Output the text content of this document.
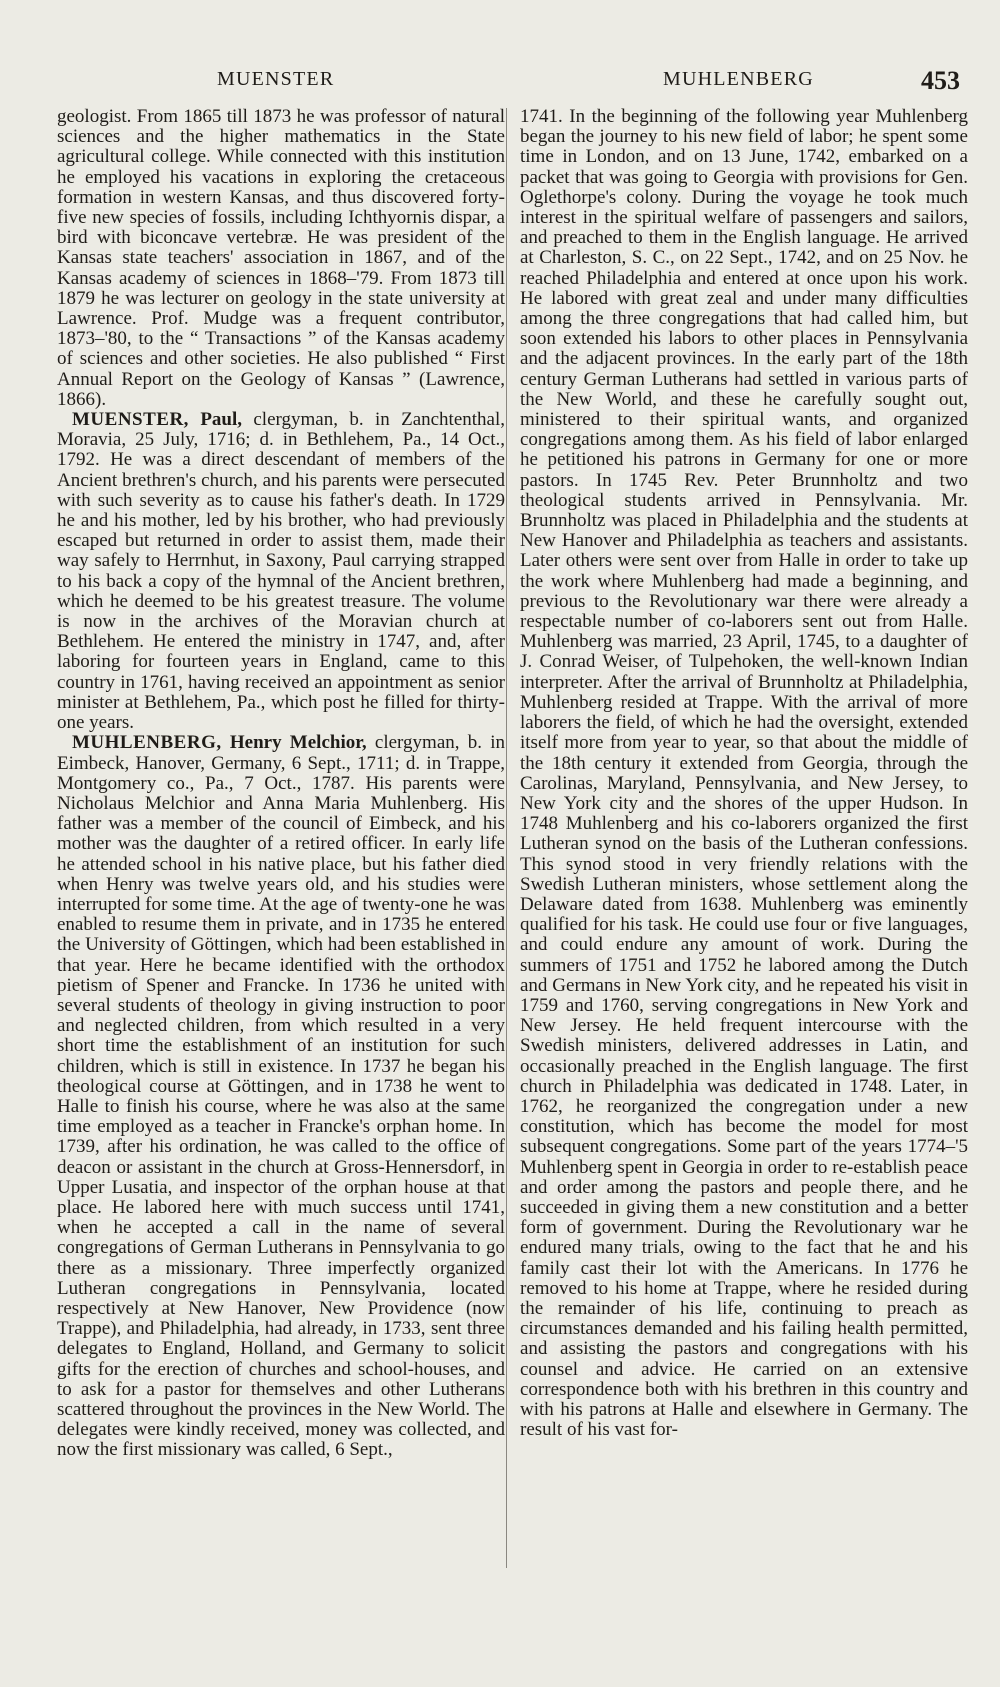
MUENSTER	MUHLENBERG	453

geologist. From 1865 till 1873 he was professor of natural sciences and the higher mathematics in the State agricultural college. While connected with this institution he employed his vacations in exploring the cretaceous formation in western Kansas, and thus discovered forty-five new species of fossils, including Ichthyornis dispar, a bird with biconcave vertebræ. He was president of the Kansas state teachers' association in 1867, and of the Kansas academy of sciences in 1868–'79. From 1873 till 1879 he was lecturer on geology in the state university at Lawrence. Prof. Mudge was a frequent contributor, 1873–'80, to the “ Transactions ” of the Kansas academy of sciences and other societies. He also published “ First Annual Report on the Geology of Kansas ” (Lawrence, 1866).

MUENSTER, Paul, clergyman, b. in Zanchtenthal, Moravia, 25 July, 1716; d. in Bethlehem, Pa., 14 Oct., 1792. He was a direct descendant of members of the Ancient brethren's church, and his parents were persecuted with such severity as to cause his father's death. In 1729 he and his mother, led by his brother, who had previously escaped but returned in order to assist them, made their way safely to Herrnhut, in Saxony, Paul carrying strapped to his back a copy of the hymnal of the Ancient brethren, which he deemed to be his greatest treasure. The volume is now in the archives of the Moravian church at Bethlehem. He entered the ministry in 1747, and, after laboring for fourteen years in England, came to this country in 1761, having received an appointment as senior minister at Bethlehem, Pa., which post he filled for thirty-one years.

MUHLENBERG, Henry Melchior, clergyman, b. in Eimbeck, Hanover, Germany, 6 Sept., 1711; d. in Trappe, Montgomery co., Pa., 7 Oct., 1787. His parents were Nicholaus Melchior and Anna Maria Muhlenberg. His father was a member of the council of Eimbeck, and his mother was the daughter of a retired officer. In early life he attended school in his native place, but his father died when Henry was twelve years old, and his studies were interrupted for some time. At the age of twenty-one he was enabled to resume them in private, and in 1735 he entered the University of Göttingen, which had been established in that year. Here he became identified with the orthodox pietism of Spener and Francke. In 1736 he united with several students of theology in giving instruction to poor and neglected children, from which resulted in a very short time the establishment of an institution for such children, which is still in existence. In 1737 he began his theological course at Göttingen, and in 1738 he went to Halle to finish his course, where he was also at the same time employed as a teacher in Francke's orphan home. In 1739, after his ordination, he was called to the office of deacon or assistant in the church at Gross-Hennersdorf, in Upper Lusatia, and inspector of the orphan house at that place. He labored here with much success until 1741, when he accepted a call in the name of several congregations of German Lutherans in Pennsylvania to go there as a missionary. Three imperfectly organized Lutheran congregations in Pennsylvania, located respectively at New Hanover, New Providence (now Trappe), and Philadelphia, had already, in 1733, sent three delegates to England, Holland, and Germany to solicit gifts for the erection of churches and school-houses, and to ask for a pastor for themselves and other Lutherans scattered throughout the provinces in the New World. The delegates were kindly received, money was collected, and now the first missionary was called, 6 Sept.,

1741. In the beginning of the following year Muhlenberg began the journey to his new field of labor; he spent some time in London, and on 13 June, 1742, embarked on a packet that was going to Georgia with provisions for Gen. Oglethorpe's colony. During the voyage he took much interest in the spiritual welfare of passengers and sailors, and preached to them in the English language. He arrived at Charleston, S. C., on 22 Sept., 1742, and on 25 Nov. he reached Philadelphia and entered at once upon his work. He labored with great zeal and under many difficulties among the three congregations that had called him, but soon extended his labors to other places in Pennsylvania and the adjacent provinces. In the early part of the 18th century German Lutherans had settled in various parts of the New World, and these he carefully sought out, ministered to their spiritual wants, and organized congregations among them. As his field of labor enlarged he petitioned his patrons in Germany for one or more pastors. In 1745 Rev. Peter Brunnholtz and two theological students arrived in Pennsylvania. Mr. Brunnholtz was placed in Philadelphia and the students at New Hanover and Philadelphia as teachers and assistants. Later others were sent over from Halle in order to take up the work where Muhlenberg had made a beginning, and previous to the Revolutionary war there were already a respectable number of co-laborers sent out from Halle. Muhlenberg was married, 23 April, 1745, to a daughter of J. Conrad Weiser, of Tulpehoken, the well-known Indian interpreter. After the arrival of Brunnholtz at Philadelphia, Muhlenberg resided at Trappe. With the arrival of more laborers the field, of which he had the oversight, extended itself more from year to year, so that about the middle of the 18th century it extended from Georgia, through the Carolinas, Maryland, Pennsylvania, and New Jersey, to New York city and the shores of the upper Hudson. In 1748 Muhlenberg and his co-laborers organized the first Lutheran synod on the basis of the Lutheran confessions. This synod stood in very friendly relations with the Swedish Lutheran ministers, whose settlement along the Delaware dated from 1638. Muhlenberg was eminently qualified for his task. He could use four or five languages, and could endure any amount of work. During the summers of 1751 and 1752 he labored among the Dutch and Germans in New York city, and he repeated his visit in 1759 and 1760, serving congregations in New York and New Jersey. He held frequent intercourse with the Swedish ministers, delivered addresses in Latin, and occasionally preached in the English language. The first church in Philadelphia was dedicated in 1748. Later, in 1762, he reorganized the congregation under a new constitution, which has become the model for most subsequent congregations. Some part of the years 1774–'5 Muhlenberg spent in Georgia in order to re-establish peace and order among the pastors and people there, and he succeeded in giving them a new constitution and a better form of government. During the Revolutionary war he endured many trials, owing to the fact that he and his family cast their lot with the Americans. In 1776 he removed to his home at Trappe, where he resided during the remainder of his life, continuing to preach as circumstances demanded and his failing health permitted, and assisting the pastors and congregations with his counsel and advice. He carried on an extensive correspondence both with his brethren in this country and with his patrons at Halle and elsewhere in Germany. The result of his vast for-
